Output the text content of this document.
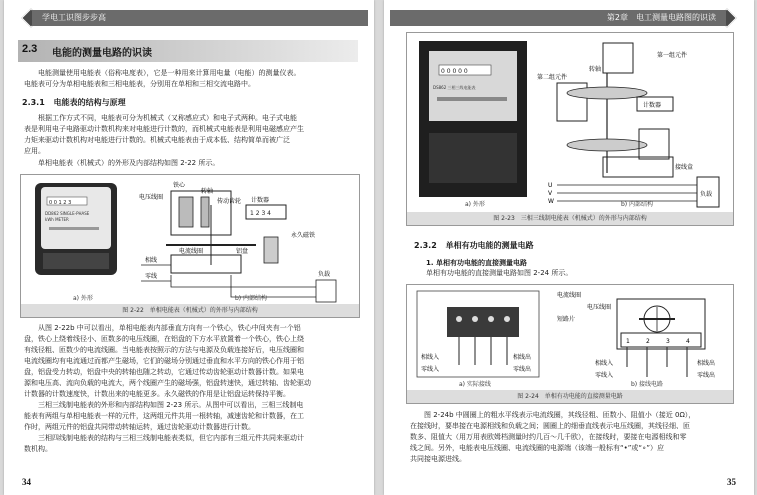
学电工识图步步高
2.3 电能的测量电路的识读
电能测量使用电能表（俗称电度表），它是一种用来计算用电量（电能）的测量仪表。
电能表可分为单相电能表和三相电能表，分别用在单相和三相交流电路中。
2.3.1 电能表的结构与原理
根据工作方式不同，电能表可分为机械式（又称感应式）和电子式两种。电子式电能
表是利用电子电路驱动计数机构来对电能进行计数的，而机械式电能表是利用电磁感应产生
力矩来驱动计数机构对电能进行计数的。机械式电能表由于成本低、结构简单而被广泛
应用。
单相电能表（机械式）的外形及内部结构如图 2-22 所示。
0 0 1 2 3
DD862 SINGLE-PHASE
kWh METER
1 2 3 4
铁心
电压线圈
转轴
传动齿轮 计数器
永久磁铁
电流线圈	铝盘
相线
零线	负载
a) 外形	b) 内部结构
图 2-22　单相电能表（机械式）的外形与内部结构
从图 2-22b 中可以看出，单相电能表内部垂直方向有一个铁心，铁心中间夹有一个铝
盘，铁心上绕着线径小、匝数多的电压线圈，在铝盘的下方水平放置着一个铁心，铁心上绕
有线径粗、匝数少的电流线圈。当电能表按照示的方法与电源及负载连接好后，电压线圈和
电流线圈均有电流通过而都产生磁场，它们的磁场分别通过垂直和水平方向的铁心作用于铝
盘，铝盘受力转动，铝盘中央的转轴也随之转动，它通过传动齿轮驱动计数器计数。如果电
源和电压高、流向负载的电流大，两个线圈产生的磁场强，铝盘转速快，通过转轴、齿轮驱动
计数器的计数速度快，计数出来的电能更多。永久磁铁的作用是让铝盘运转保持平衡。
　　三相三线制电能表的外形和内部结构如图 2-23 所示。从图中可以看出，三相三线制电
能表有两组与单相电能表一样的元件，这两组元件共用一根转轴，减速齿轮和计数器，在工
作时，两组元件的铝盘共同带动转轴运转，通过齿轮驱动计数器进行计数。
　　三相四线制电能表的结构与三相三线制电能表类似，但它内部有三组元件共同来驱动计
数机构。
34
第2章　电工测量电路图的识读
0 0 0 0 0
DS862 三相三线电能表
第一组元件
第二组元件
转轴
计数器
接线盒
U
V
W
负载
a) 外形	b) 内部结构
图 2-23　三相三线制电能表（机械式）的外形与内部结构
2.3.2 单相有功电能的测量电路
1. 单相有功电能的直接测量电路
单相有功电能的直接测量电路如图 2-24 所示。
1	2	3	4
电流线圈
电压线圈
短路片
相线入	相线出
零线入	零线出
相线入	相线出
零线入	零线出
a) 实际接线	b) 接线电路
图 2-24　单相有功电能的直接测量电路
图 2-24b 中圆圈上的粗水平线表示电流线圈，其线径粗、匝数小、阻值小（接近 0Ω），
在接线时，要串接在电源相线和负载之间；圆圈上的细垂直线表示电压线圈，其线径细、匝
数多、阻值大（用万用表欧姆档测量时约几百～几千欧），在接线时，要接在电源相线和零
线之间。另外，电能表电压线圈、电流线圈的电源端（该端一般标有“•”或“∘”）应
共同接电源进线。
35
